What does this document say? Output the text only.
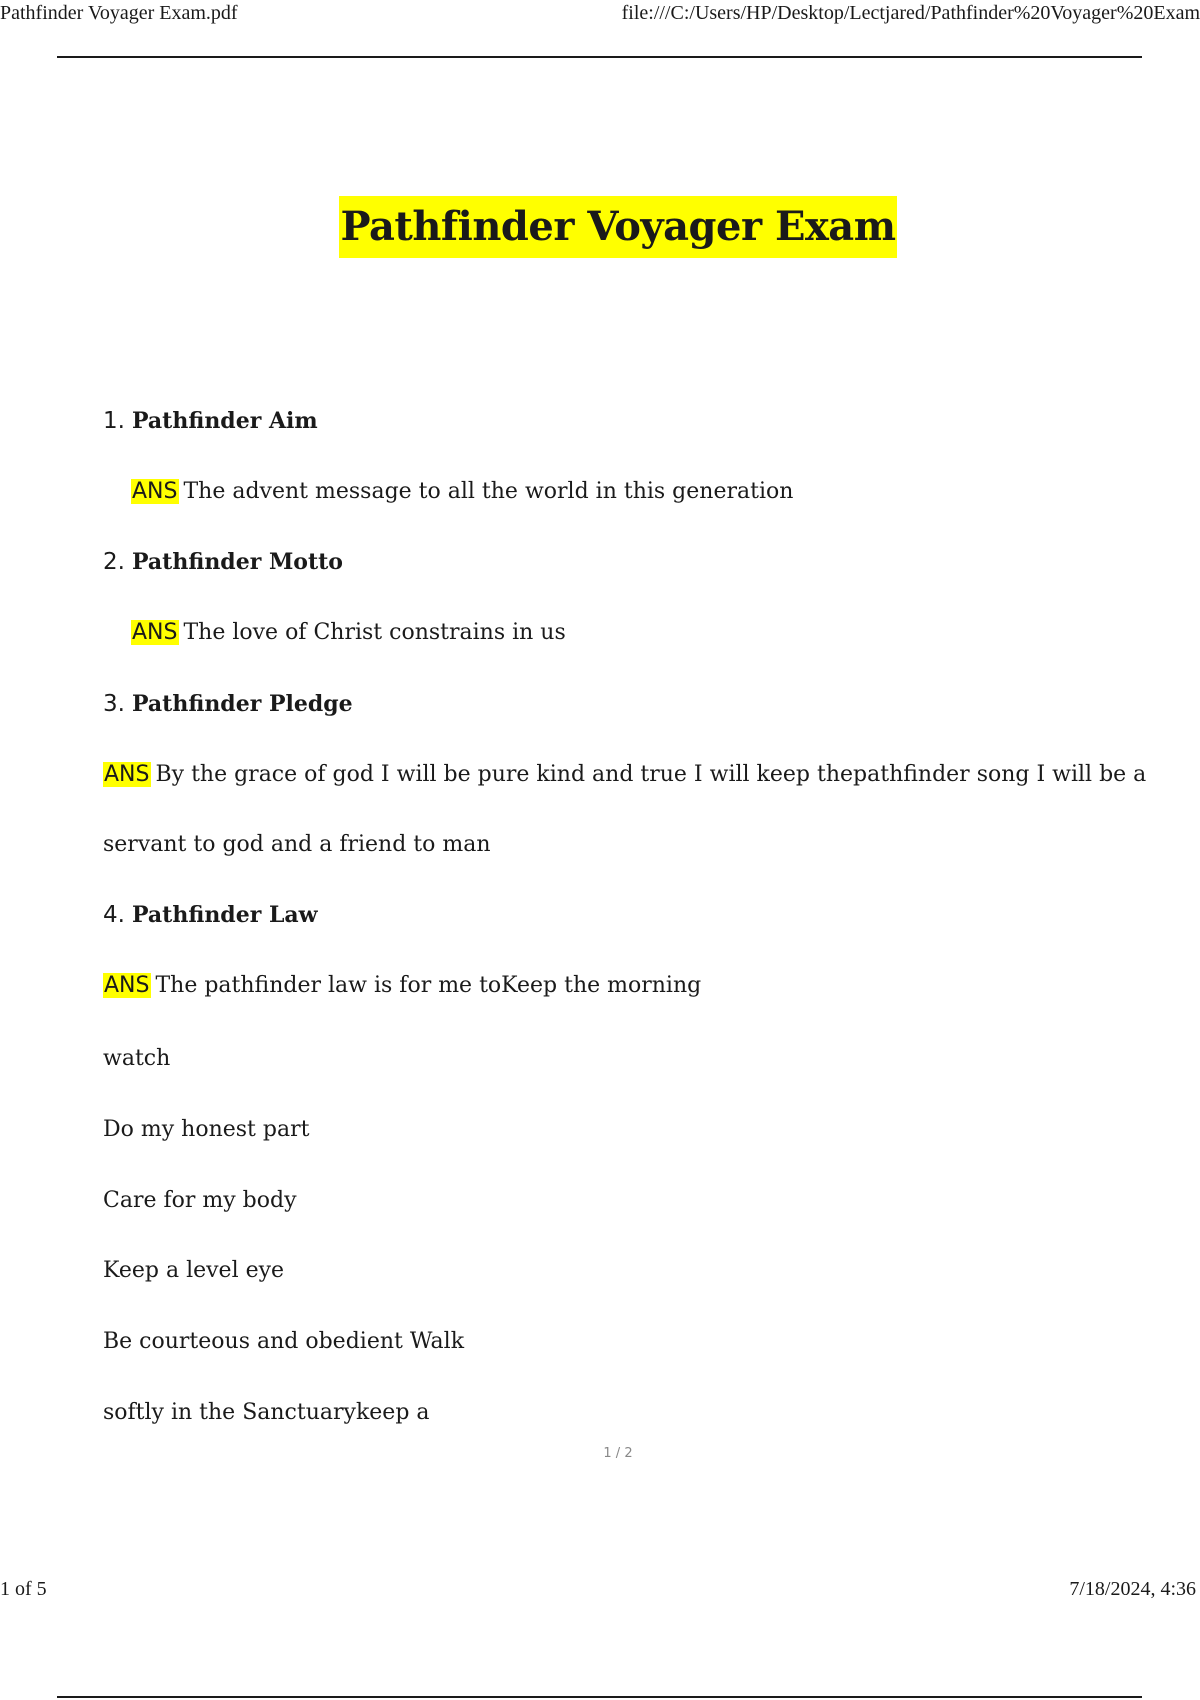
Pathfinder Voyager Exam.pdf	file:///C:/Users/HP/Desktop/Lectjared/Pathfinder%20Voyager%20Exam
Pathfinder Voyager Exam
1. Pathfinder Aim
ANS The advent message to all the world in this generation
2. Pathfinder Motto
ANS The love of Christ constrains in us
3. Pathfinder Pledge
ANS By the grace of god I will be pure kind and true I will keep thepathfinder song I will be a
servant to god and a friend to man
4. Pathfinder Law
ANS The pathfinder law is for me toKeep the morning
watch
Do my honest part
Care for my body
Keep a level eye
Be courteous and obedient Walk
softly in the Sanctuarykeep a
1 / 2
1 of 5	7/18/2024, 4:36
